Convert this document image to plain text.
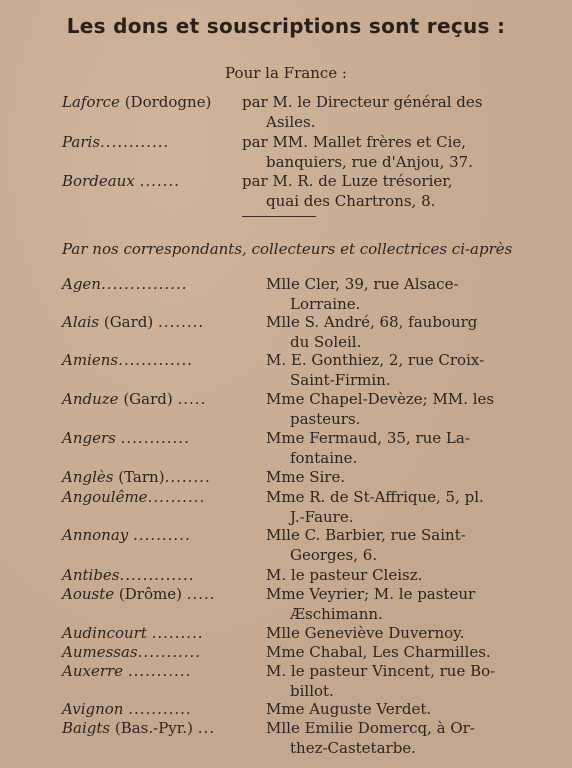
Les dons et souscriptions sont reçus :
Pour la France :
Laforce (Dordogne) par M. le Directeur général des
Asiles.
Paris............	par MM. Mallet frères et Cie,
banquiers, rue d'Anjou, 37.
Bordeaux .......	par M. R. de Luze trésorier,
quai des Chartrons, 8.
Par nos correspondants, collecteurs et collectrices ci-après
Agen...............	Mlle Cler, 39, rue Alsace-
Lorraine.
Alais (Gard) ........	Mlle S. André, 68, faubourg
du Soleil.
Amiens.............	M. E. Gonthiez, 2, rue Croix-
Saint-Firmin.
Anduze (Gard) .....	Mme Chapel-Devèze; MM. les
pasteurs.
Angers ............	Mme Fermaud, 35, rue La-
fontaine.
Anglès (Tarn)........	Mme Sire.
Angoulême..........	Mme R. de St-Affrique, 5, pl.
J.-Faure.
Annonay ..........	Mlle C. Barbier, rue Saint-
Georges, 6.
Antibes.............	M. le pasteur Cleisz.
Aouste (Drôme) .....	Mme Veyrier; M. le pasteur
Æschimann.
Audincourt .........	Mlle Geneviève Duvernoy.
Aumessas...........	Mme Chabal, Les Charmilles.
Auxerre ...........	M. le pasteur Vincent, rue Bo-
billot.
Avignon ...........	Mme Auguste Verdet.
Baigts (Bas.-Pyr.) ...	Mlle Emilie Domercq, à Or-
thez-Castetarbe.
